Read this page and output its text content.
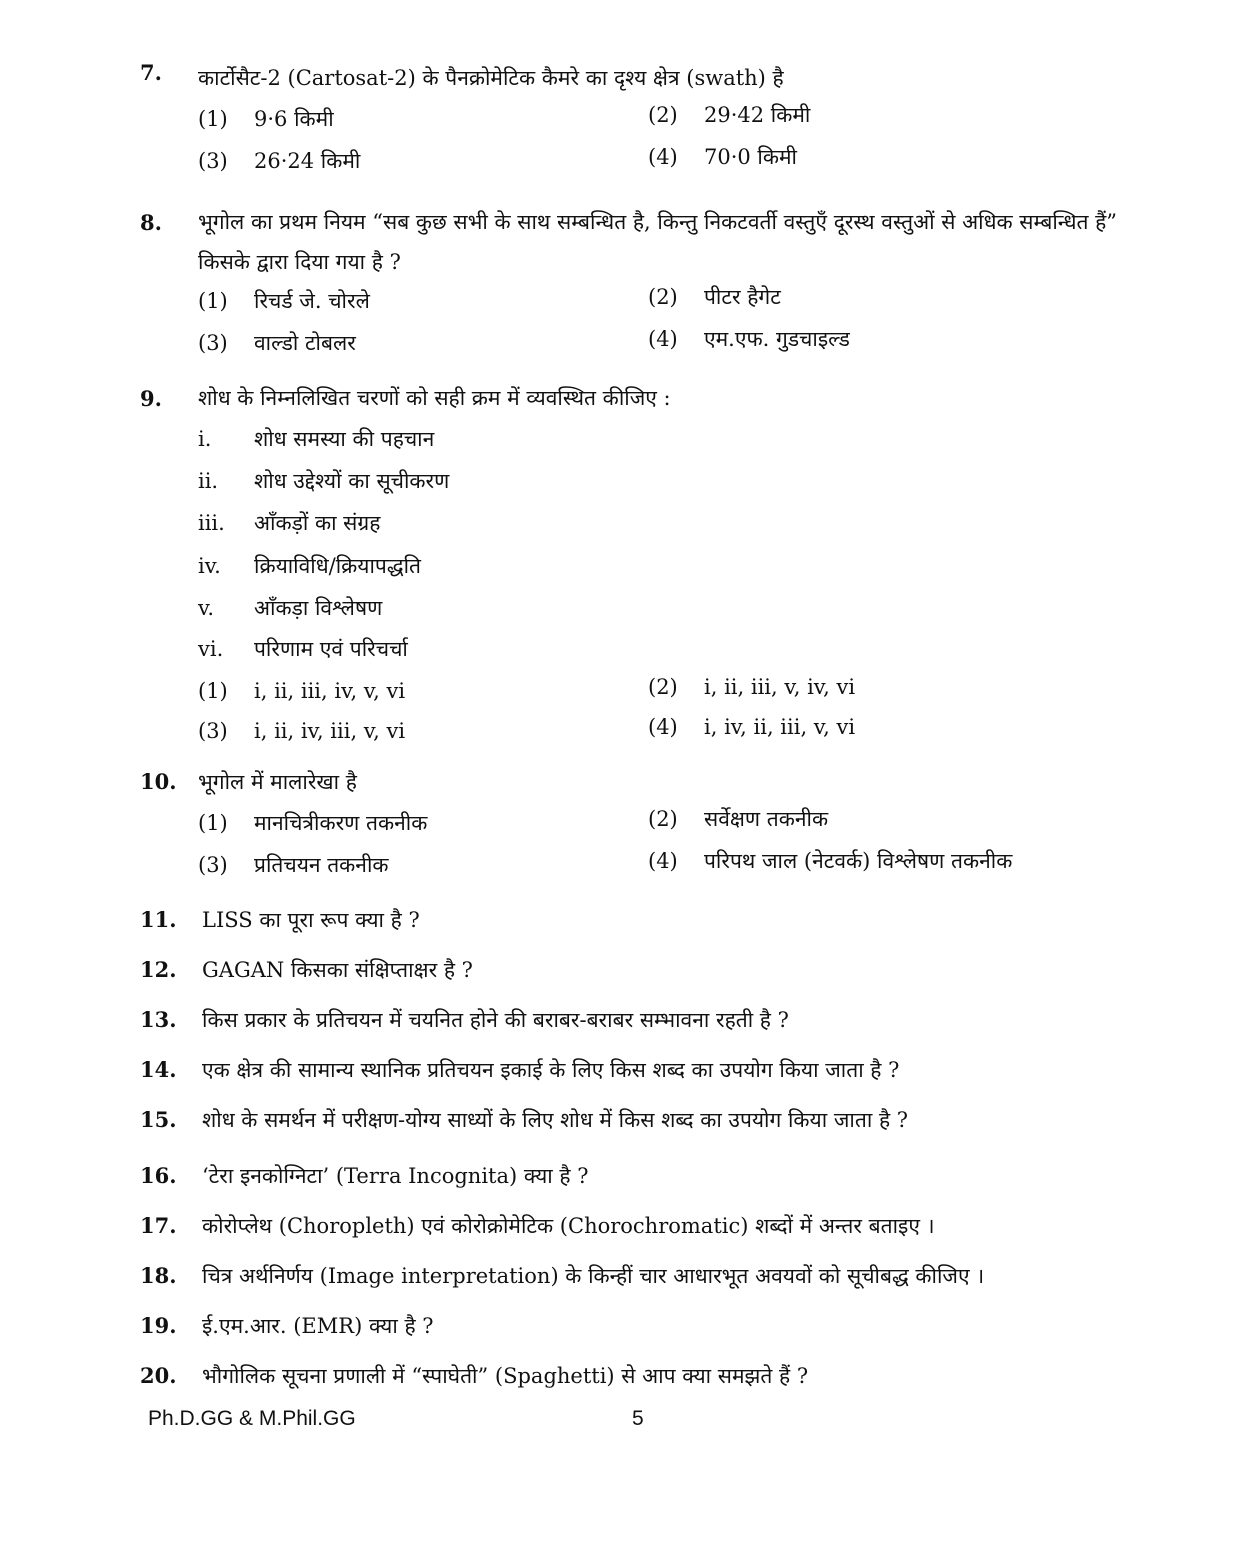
7. कार्टोसैट-2 (Cartosat-2) के पैनक्रोमेटिक कैमरे का दृश्य क्षेत्र (swath) है
(1) 9·6 किमी	(2) 29·42 किमी
(3) 26·24 किमी	(4) 70·0 किमी
8. भूगोल का प्रथम नियम “सब कुछ सभी के साथ सम्बन्धित है, किन्तु निकटवर्ती वस्तुएँ दूरस्थ वस्तुओं से अधिक सम्बन्धित हैं” किसके द्वारा दिया गया है ?
(1) रिचर्ड जे. चोरले	(2) पीटर हैगेट
(3) वाल्डो टोबलर	(4) एम.एफ. गुडचाइल्ड
9. शोध के निम्नलिखित चरणों को सही क्रम में व्यवस्थित कीजिए :
i. शोध समस्या की पहचान
ii. शोध उद्देश्यों का सूचीकरण
iii. आँकड़ों का संग्रह
iv. क्रियाविधि/क्रियापद्धति
v. आँकड़ा विश्लेषण
vi. परिणाम एवं परिचर्चा
(1) i, ii, iii, iv, v, vi	(2) i, ii, iii, v, iv, vi
(3) i, ii, iv, iii, v, vi	(4) i, iv, ii, iii, v, vi
10. भूगोल में मालारेखा है
(1) मानचित्रीकरण तकनीक	(2) सर्वेक्षण तकनीक
(3) प्रतिचयन तकनीक	(4) परिपथ जाल (नेटवर्क) विश्लेषण तकनीक
11. LISS का पूरा रूप क्या है ?
12. GAGAN किसका संक्षिप्ताक्षर है ?
13. किस प्रकार के प्रतिचयन में चयनित होने की बराबर-बराबर सम्भावना रहती है ?
14. एक क्षेत्र की सामान्य स्थानिक प्रतिचयन इकाई के लिए किस शब्द का उपयोग किया जाता है ?
15. शोध के समर्थन में परीक्षण-योग्य साध्यों के लिए शोध में किस शब्द का उपयोग किया जाता है ?
16. ‘टेरा इनकोग्निटा’ (Terra Incognita) क्या है ?
17. कोरोप्लेथ (Choropleth) एवं कोरोक्रोमेटिक (Chorochromatic) शब्दों में अन्तर बताइए ।
18. चित्र अर्थनिर्णय (Image interpretation) के किन्हीं चार आधारभूत अवयवों को सूचीबद्ध कीजिए ।
19. ई.एम.आर. (EMR) क्या है ?
20. भौगोलिक सूचना प्रणाली में “स्पाघेती” (Spaghetti) से आप क्या समझते हैं ?
Ph.D.GG & M.Phil.GG	5
